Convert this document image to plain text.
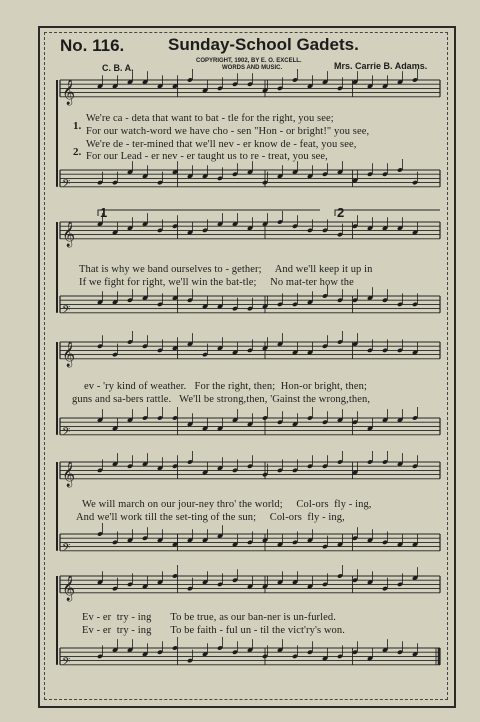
No. 116.	Sunday-School Gadets.
COPYRIGHT, 1902, BY E. O. EXCELL.
WORDS AND MUSIC.
C. B. A.	Mrs. Carrie B. Adams.
𝄞
𝄢
𝄞
𝄢
𝄞
𝄢
𝄞
𝄢
𝄞
𝄢
1.
2.
1	2
We're ca - deta that want to bat - tle for the right, you see;
For our watch-word we have cho - sen "Hon - or bright!" you see,
We're de - ter-mined that we'll nev - er know de - feat, you see,
For our Lead - er nev - er taught us to re - treat, you see,
That is why we band ourselves to - gether;     And we'll keep it up in
If we fight for right, we'll win the bat-tle;     No mat-ter how the
ev - 'ry kind of weather.   For the right, then;  Hon-or bright, then;
guns and sa-bers rattle.   We'll be strong,then, 'Gainst the wrong,then,
We will march on our jour-ney thro' the world;     Col-ors  fly - ing,
And we'll work till the set-ting of the sun;     Col-ors  fly - ing,
Ev - er  try - ing       To be true, as our ban-ner is un-furled.
Ev - er  try - ing       To be faith - ful un - til the vict'ry's won.
